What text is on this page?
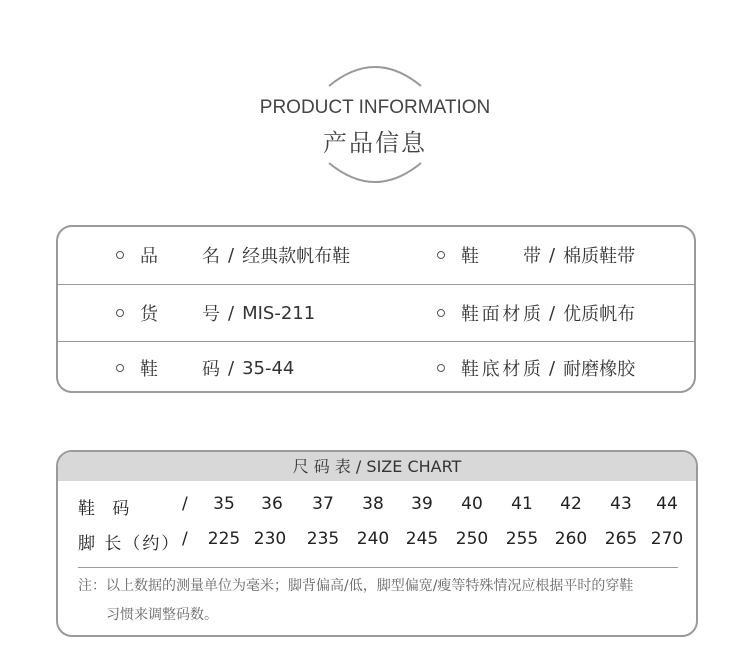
PRODUCT INFORMATION
产品信息
品　　名 / 经典款帆布鞋	鞋　　带 / 棉质鞋带
货　　号 / MIS-211	鞋面材质 / 优质帆布
鞋　　码 / 35-44	鞋底材质 / 耐磨橡胶
尺 码 表 / SIZE CHART
鞋 码	/	35	36	37	38	39	40	41	42	43	44
脚 长（约） /	225 230	235	240 245	250	255 260	265 270
注：以上数据的测量单位为毫米；脚背偏高/低，脚型偏宽/瘦等特殊情况应根据平时的穿鞋
习惯来调整码数。
